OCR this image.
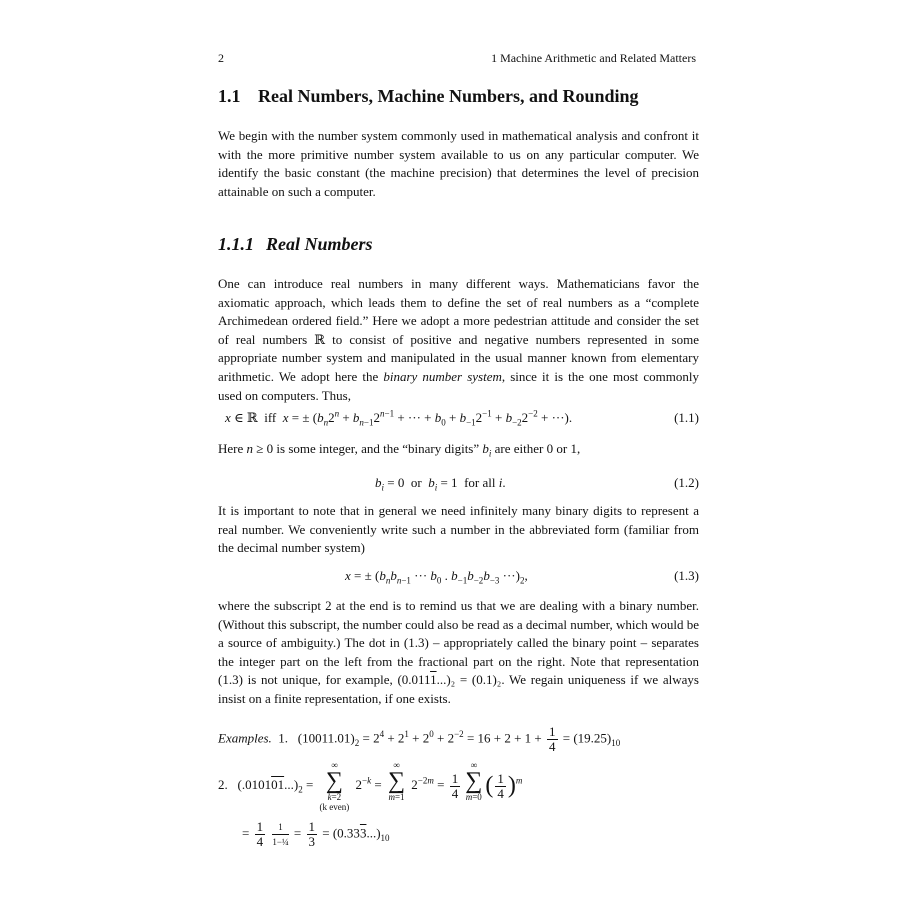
2	1 Machine Arithmetic and Related Matters
1.1 Real Numbers, Machine Numbers, and Rounding

We begin with the number system commonly used in mathematical analysis and confront it with the more primitive number system available to us on any particular computer. We identify the basic constant (the machine precision) that determines the level of precision attainable on such a computer.

1.1.1 Real Numbers

One can introduce real numbers in many different ways. Mathematicians favor the axiomatic approach, which leads them to define the set of real numbers as a “complete Archimedean ordered field.” Here we adopt a more pedestrian attitude and consider the set of real numbers ℝ to consist of positive and negative numbers represented in some appropriate number system and manipulated in the usual manner known from elementary arithmetic. We adopt here the binary number system, since it is the one most commonly used on computers. Thus,

x ∈ ℝ  iff  x = ± ($b_n2^n + b_{n-1}2^{n-1}$ + ··· + $b_0 + b_{-1}2^{-1} + b_{-2}2^{-2}$ + ···).	(1.1)

Here n ≥ 0 is some integer, and the “binary digits” $b_i$ are either 0 or 1,

$b_i = 0$  or $b_i = 1$  for all i.	(1.2)

It is important to note that in general we need infinitely many binary digits to represent a real number. We conveniently write such a number in the abbreviated form (familiar from the decimal number system)

x = ± ($b_nb_{n-1}$ ··· $b_0$ . $b_{-1}b_{-2}b_{-3} \cdot\cdot\cdot)_2$,	(1.3)

where the subscript 2 at the end is to remind us that we are dealing with a binary number. (Without this subscript, the number could also be read as a decimal number, which would be a source of ambiguity.) The dot in (1.3) – appropriately called the binary point – separates the integer part on the left from the fractional part on the right. Note that representation (1.3) is not unique, for example, (0.0111...)₂ = (0.1)₂. We regain uniqueness if we always insist on a finite representation, if one exists.

Examples. 1.   $(10011.01)_2 = 2^4 + 2^1 + 2^0 + 2^{-2} = 16 + 2 + 1 + \frac{1}{4} = (19.25)_{10}$
2.   $(.010101...)_2$ =
∞
∑
k=2
(k even)
$2^{-k}$ =
∞
∑
m=1

$2^{-2m} = \frac{1}{4}$
∞
∑
m=0
( $\frac{1}{4} )^m$
= $\frac{1}{4}$
$\frac{1}{\text{1−¼}} = \frac{1}{3} = (0.333...)_{10}$
